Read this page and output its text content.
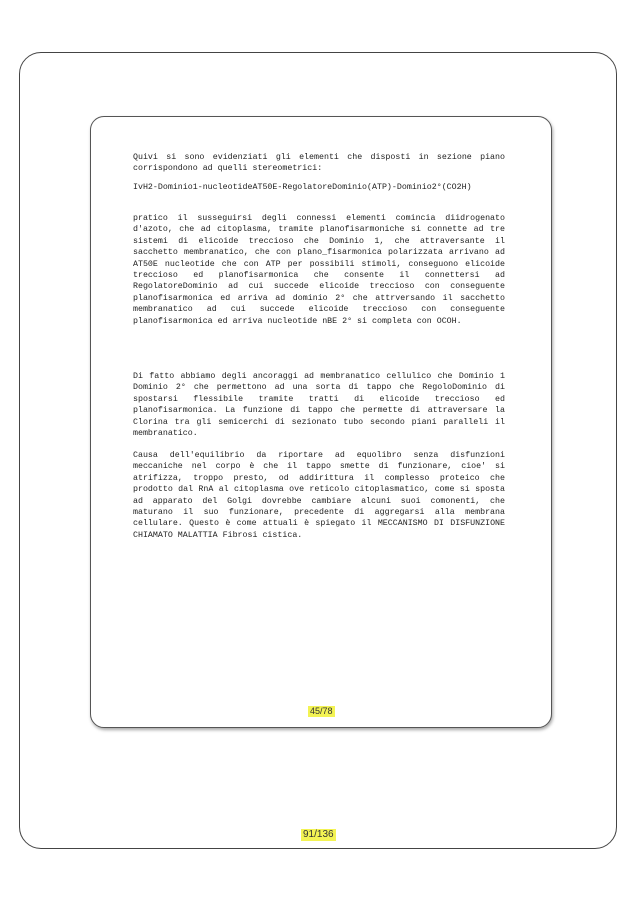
Quivi si sono evidenziati gli elementi che disposti in sezione piano corrispondono ad quelli stereometrici:

IvH2-Dominio1-nucleotideAT50E-RegolatoreDominio(ATP)-Dominio2°(CO2H)

pratico il susseguirsi degli connessi elementi comincia diidrogenato d'azoto, che ad citoplasma, tramite planofisarmoniche si connette ad tre sistemi di elicoide treccioso che Dominio 1, che attraversante il sacchetto membranatico, che con plano_fisarmonica polarizzata arrivano ad AT50E nucleotide che con ATP per possibili stimoli, conseguono elicoide treccioso ed planofisarmonica che consente il connettersi ad RegolatoreDominio ad cui succede elicoide treccioso con conseguente planofisarmonica ed arriva ad dominio 2° che attrversando il sacchetto membranatico ad cui succede elicoide treccioso con conseguente planofisarmonica ed arriva nucleotide nBE 2° si completa con OCOH.

Di fatto abbiamo degli ancoraggi ad membranatico cellulico che Dominio 1 Dominio 2° che permettono ad una sorta di tappo che RegoloDominio di spostarsi flessibile tramite tratti di elicoide treccioso ed planofisarmonica. La funzione di tappo che permette di attraversare la Clorina tra gli semicerchi di sezionato tubo secondo piani paralleli il membranatico.

Causa dell'equilibrio da riportare ad equolibro senza disfunzioni meccaniche nel corpo è che il tappo smette di funzionare, cioe' si atrifizza, troppo presto, od addirittura il complesso proteico che prodotto dal RnA al citoplasma ove reticolo citoplasmatico, come si sposta ad apparato del Golgi dovrebbe cambiare alcuni suoi comonenti, che maturano il suo funzionare, precedente di aggregarsi alla membrana cellulare. Questo è come attuali è spiegato il MECCANISMO DI DISFUNZIONE CHIAMATO MALATTIA Fibrosi cistica.

45/78
91/136
